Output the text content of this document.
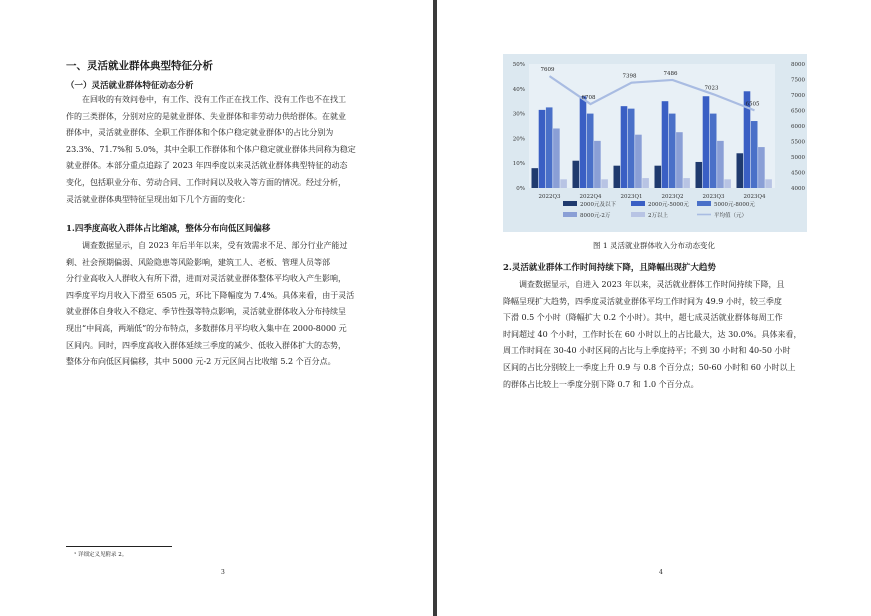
一、灵活就业群体典型特征分析
（一）灵活就业群体特征动态分析
在回收的有效问卷中，有工作、没有工作正在找工作、没有工作也不在找工
作的三类群体，分别对应的是就业群体、失业群体和非劳动力供给群体。在就业
群体中，灵活就业群体、全职工作群体和个体户稳定就业群体¹的占比分别为
23.3%、71.7%和 5.0%，其中全职工作群体和个体户稳定就业群体共同称为稳定
就业群体。本部分重点追踪了 2023 年四季度以来灵活就业群体典型特征的动态
变化，包括职业分布、劳动合同、工作时间以及收入等方面的情况。经过分析，
灵活就业群体典型特征呈现出如下几个方面的变化：
1.四季度高收入群体占比缩减，整体分布向低区间偏移
调查数据显示，自 2023 年后半年以来，受有效需求不足、部分行业产能过
剩、社会预期偏弱、风险隐患等风险影响，建筑工人、老板、管理人员等部
分行业高收入人群收入有所下滑，进而对灵活就业群体整体平均收入产生影响，
四季度平均月收入下滑至 6505 元，环比下降幅度为 7.4%。具体来看，由于灵活
就业群体自身收入不稳定、季节性强等特点影响，灵活就业群体收入分布持续呈
现出“中间高，两端低”的分布特点，多数群体月平均收入集中在 2000-8000 元
区间内。同时，四季度高收入群体延续三季度的减少、低收入群体扩大的态势，
整体分布向低区间偏移，其中 5000 元-2 万元区间占比收缩 5.2 个百分点。
¹ 详细定义见附录 2。
3
0%
10%
20%
30%
40%
50%
4000
4500
5000
5500
6000
6500
7000
7500
8000
2022Q3	2022Q4	2023Q1	2023Q2	2023Q3	2023Q4
7609
6708
7398	7486
7023
6505
2000元及以下	2000元-5000元	5000元-8000元
8000元-2万	2万以上	平均值（元）
图 1 灵活就业群体收入分布动态变化
2.灵活就业群体工作时间持续下降，且降幅出现扩大趋势
调查数据显示，自进入 2023 年以来，灵活就业群体工作时间持续下降，且
降幅呈现扩大趋势，四季度灵活就业群体平均工作时间为 49.9 小时，较三季度
下滑 0.5 个小时（降幅扩大 0.2 个小时）。其中，超七成灵活就业群体每周工作
时间超过 40 个小时，工作时长在 60 小时以上的占比最大，达 30.0%。具体来看，
周工作时间在 30-40 小时区间的占比与上季度持平；不到 30 小时和 40-50 小时
区间的占比分别较上一季度上升 0.9 与 0.8 个百分点；50-60 小时和 60 小时以上
的群体占比较上一季度分别下降 0.7 和 1.0 个百分点。
4
CSDN @趋势洞察库
